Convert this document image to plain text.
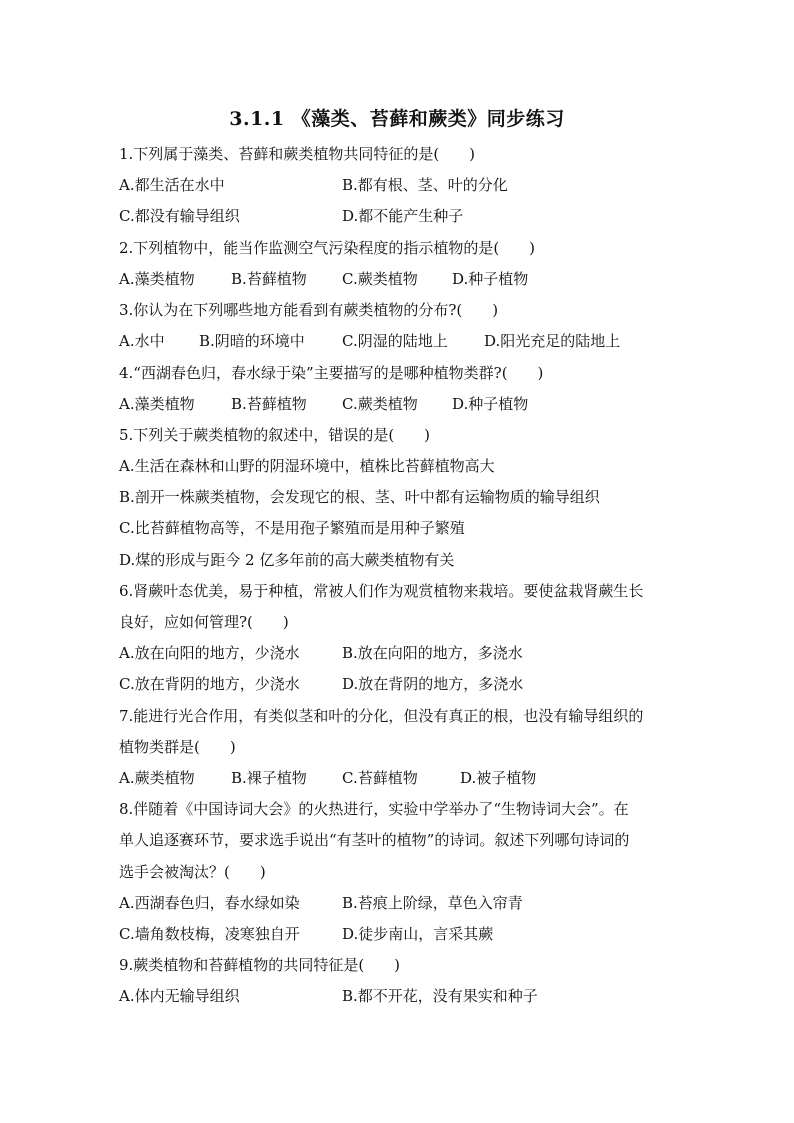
3.1.1 《藻类、苔藓和蕨类》同步练习
1.下列属于藻类、苔藓和蕨类植物共同特征的是(　　)
A.都生活在水中	B.都有根、茎、叶的分化
C.都没有输导组织	D.都不能产生种子
2.下列植物中，能当作监测空气污染程度的指示植物的是(　　)
A.藻类植物 B.苔藓植物 C.蕨类植物 D.种子植物
3.你认为在下列哪些地方能看到有蕨类植物的分布?(　　)
A.水中 B.阴暗的环境中 C.阴湿的陆地上 D.阳光充足的陆地上
4.“西湖春色归，春水绿于染”主要描写的是哪种植物类群?(　　)
A.藻类植物 B.苔藓植物 C.蕨类植物 D.种子植物
5.下列关于蕨类植物的叙述中，错误的是(　　)
A.生活在森林和山野的阴湿环境中，植株比苔藓植物高大
B.剖开一株蕨类植物，会发现它的根、茎、叶中都有运输物质的输导组织
C.比苔藓植物高等，不是用孢子繁殖而是用种子繁殖
D.煤的形成与距今 2 亿多年前的高大蕨类植物有关
6.肾蕨叶态优美，易于种植，常被人们作为观赏植物来栽培。要使盆栽肾蕨生长
良好，应如何管理?(　　)
A.放在向阳的地方，少浇水	B.放在向阳的地方，多浇水
C.放在背阴的地方，少浇水	D.放在背阴的地方，多浇水
7.能进行光合作用，有类似茎和叶的分化，但没有真正的根，也没有输导组织的
植物类群是(　　)
A.蕨类植物 B.裸子植物 C.苔藓植物	D.被子植物
8.伴随着《中国诗词大会》的火热进行，实验中学举办了“生物诗词大会”。在
单人追逐赛环节，要求选手说出“有茎叶的植物”的诗词。叙述下列哪句诗词的
选手会被淘汰？(　　)
A.西湖春色归，春水绿如染	B.苔痕上阶绿，草色入帘青
C.墙角数枝梅，凌寒独自开	D.徒步南山，言采其蕨
9.蕨类植物和苔藓植物的共同特征是(　　)
A.体内无输导组织	B.都不开花，没有果实和种子
